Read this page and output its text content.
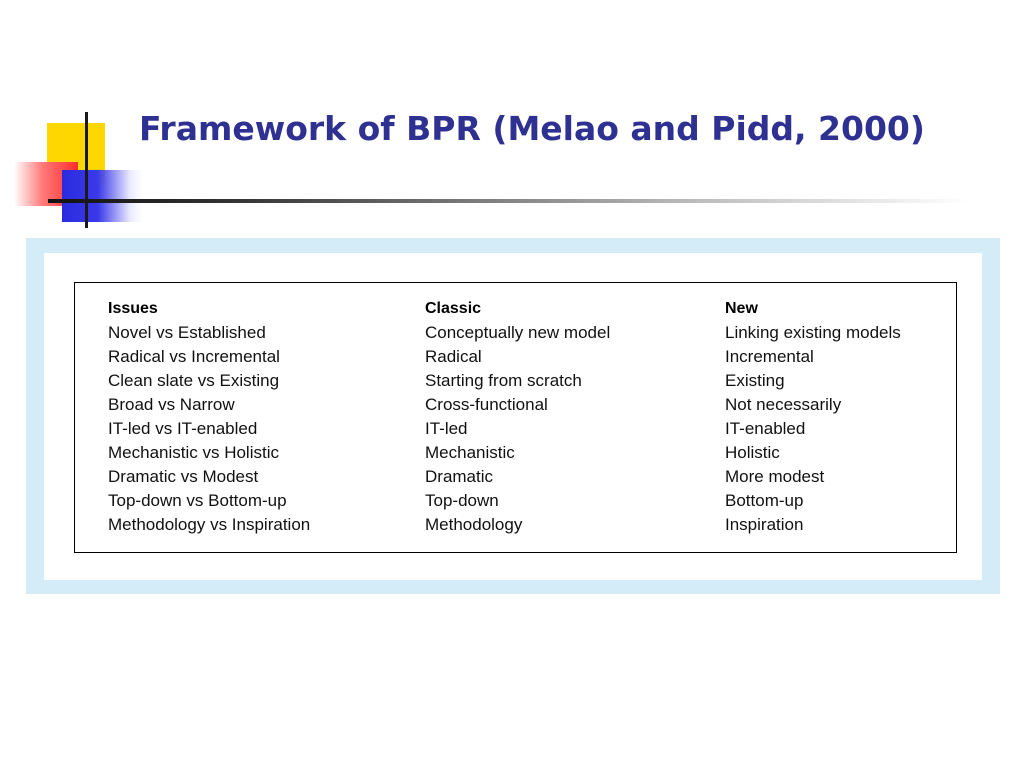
Framework of BPR (Melao and Pidd, 2000)
Issues
Novel vs Established
Radical vs Incremental
Clean slate vs Existing
Broad vs Narrow
IT-led vs IT-enabled
Mechanistic vs Holistic
Dramatic vs Modest
Top-down vs Bottom-up
Methodology vs Inspiration
Classic
Conceptually new model
Radical
Starting from scratch
Cross-functional
IT-led
Mechanistic
Dramatic
Top-down
Methodology
New
Linking existing models
Incremental
Existing
Not necessarily
IT-enabled
Holistic
More modest
Bottom-up
Inspiration
